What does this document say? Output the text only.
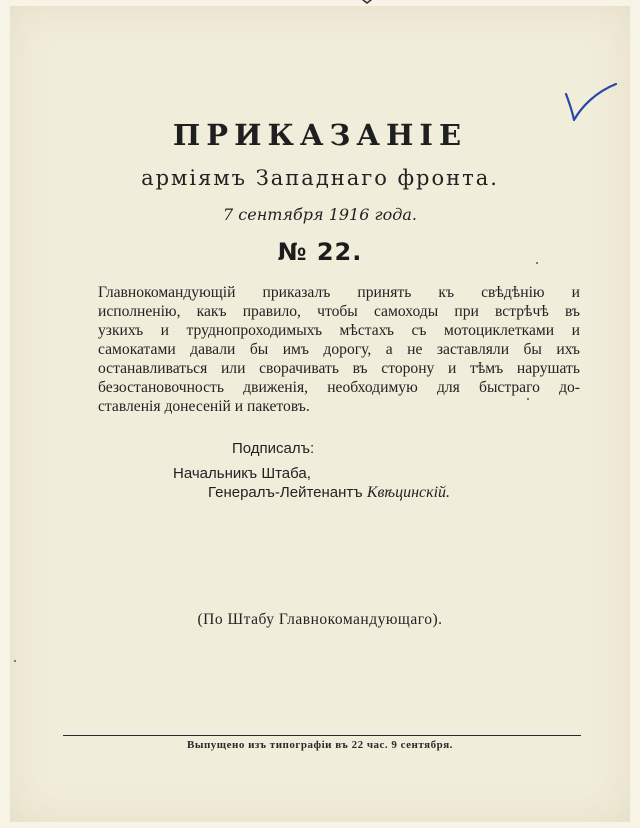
ПРИКАЗАНІЕ
арміямъ Западнаго фронта.
7 сентября 1916 года.
№ 22.
Главнокомандующій приказалъ принять къ свѣдѣнію и
исполненію, какъ правило, чтобы самоходы при встрѣчѣ въ
узкихъ и труднопроходимыхъ мѣстахъ съ мотоциклетками и
самокатами давали бы имъ дорогу, а не заставляли бы ихъ
останавливаться или сворачивать въ сторону и тѣмъ нарушать
безостановочность движенія, необходимую для быстраго до-
ставленія донесеній и пакетовъ.
Подписалъ:
Начальникъ Штаба,
Генералъ-Лейтенантъ Квѣцинскій.
(По Штабу Главнокомандующаго).
Выпущено изъ типографіи въ 22 час. 9 сентября.
